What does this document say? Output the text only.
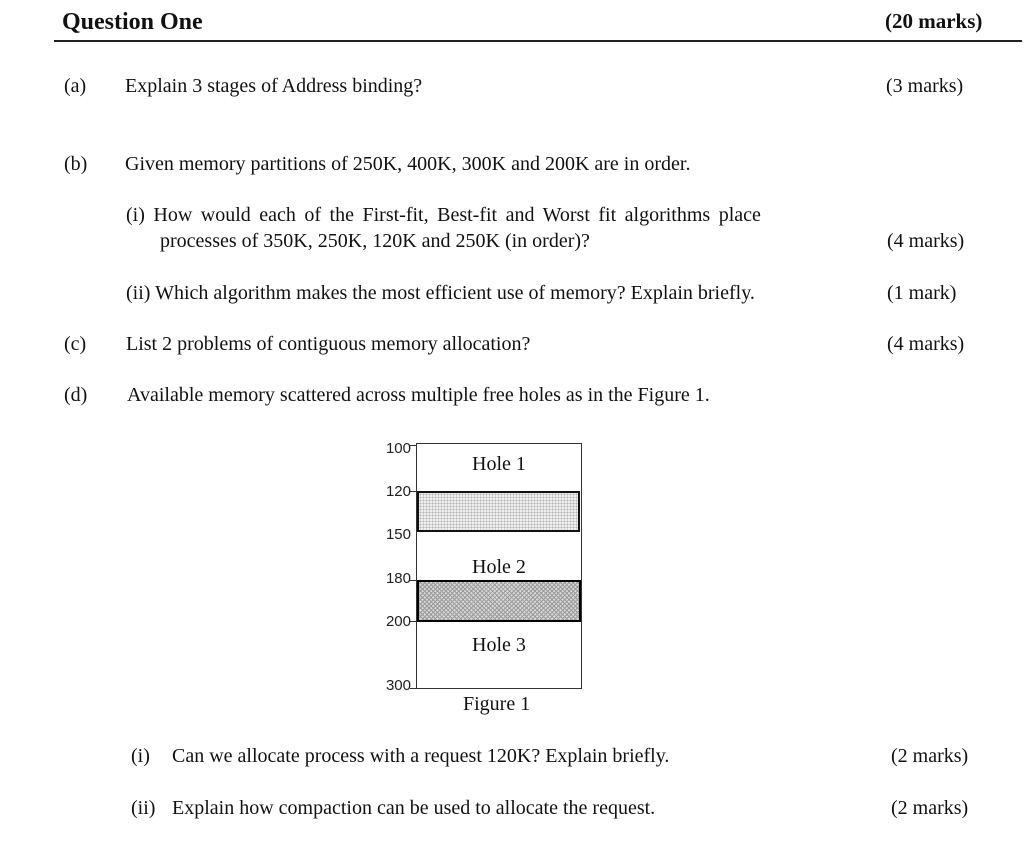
Question One	(20 marks)
(a) Explain 3 stages of Address binding?	(3 marks)
(b) Given memory partitions of 250K, 400K, 300K and 200K are in order.
(i) How would each of the First-fit, Best-fit and Worst fit algorithms place
processes of 350K, 250K, 120K and 250K (in order)?	(4 marks)
(ii) Which algorithm makes the most efficient use of memory? Explain briefly.	(1 mark)
(c) List 2 problems of contiguous memory allocation?	(4 marks)
(d) Available memory scattered across multiple free holes as in the Figure 1.
100
120
150
180
200
300
Hole 1
Hole 2
Hole 3
Figure 1
(i) Can we allocate process with a request 120K? Explain briefly.	(2 marks)
(ii) Explain how compaction can be used to allocate the request.	(2 marks)
